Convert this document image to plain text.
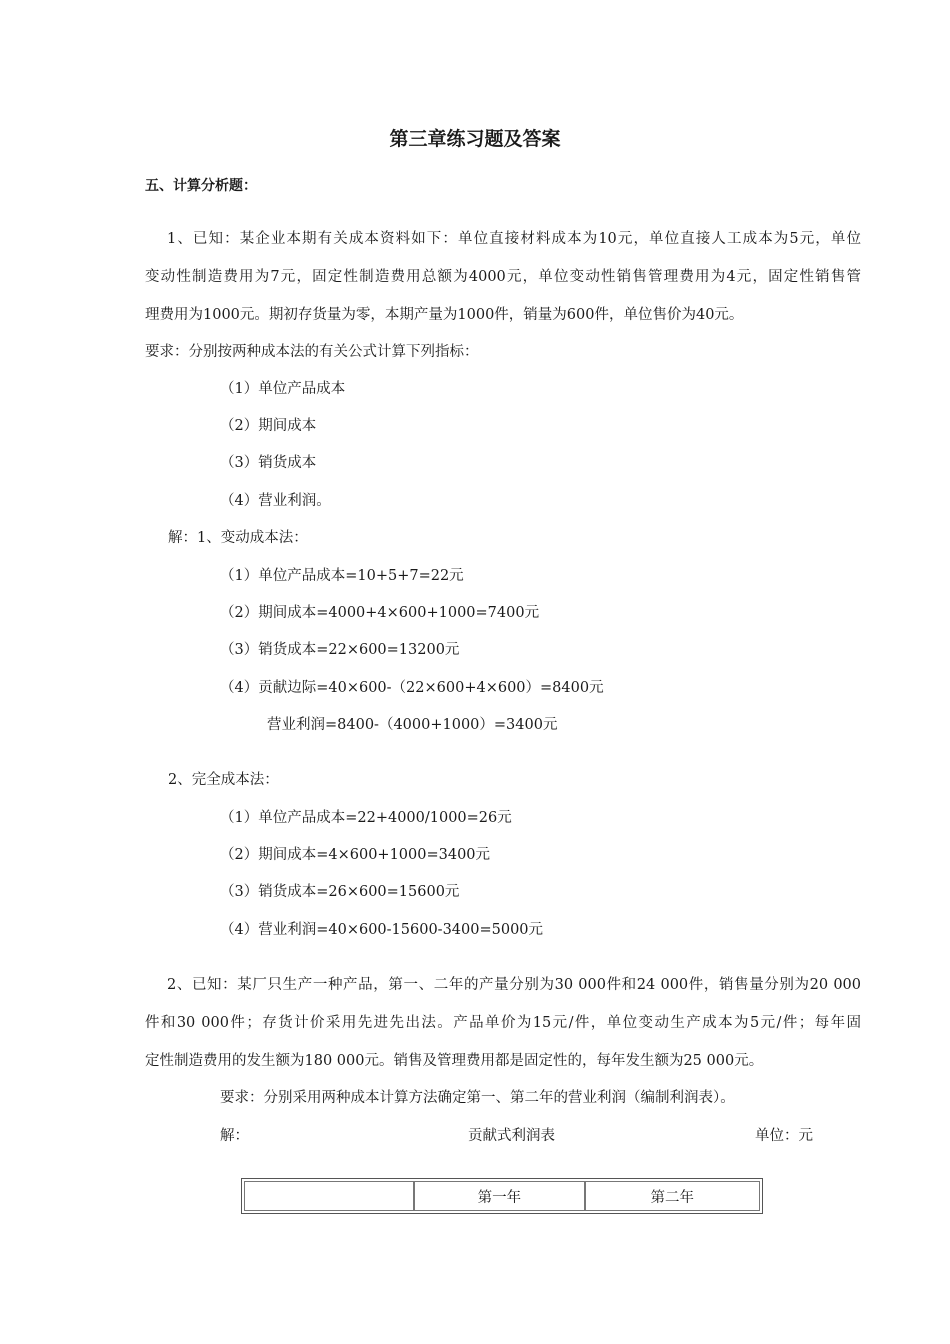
第三章练习题及答案
五、计算分析题：
1、已知：某企业本期有关成本资料如下：单位直接材料成本为10元，单位直接人工成本为5元，单位
变动性制造费用为7元，固定性制造费用总额为4000元，单位变动性销售管理费用为4元，固定性销售管
理费用为1000元。期初存货量为零，本期产量为1000件，销量为600件，单位售价为40元。
要求：分别按两种成本法的有关公式计算下列指标：
（1）单位产品成本
（2）期间成本
（3）销货成本
（4）营业利润。
解：1、变动成本法：
（1）单位产品成本=10+5+7=22元
（2）期间成本=4000+4×600+1000=7400元
（3）销货成本=22×600=13200元
（4）贡献边际=40×600-（22×600+4×600）=8400元
营业利润=8400-（4000+1000）=3400元
2、完全成本法：
（1）单位产品成本=22+4000/1000=26元
（2）期间成本=4×600+1000=3400元
（3）销货成本=26×600=15600元
（4）营业利润=40×600-15600-3400=5000元
2、已知：某厂只生产一种产品，第一、二年的产量分别为30 000件和24 000件，销售量分别为20 000
件和30 000件；存货计价采用先进先出法。产品单价为15元/件，单位变动生产成本为5元/件；每年固
定性制造费用的发生额为180 000元。销售及管理费用都是固定性的，每年发生额为25 000元。
要求：分别采用两种成本计算方法确定第一、第二年的营业利润（编制利润表）。
解：	贡献式利润表	单位：元
	第一年	第二年
